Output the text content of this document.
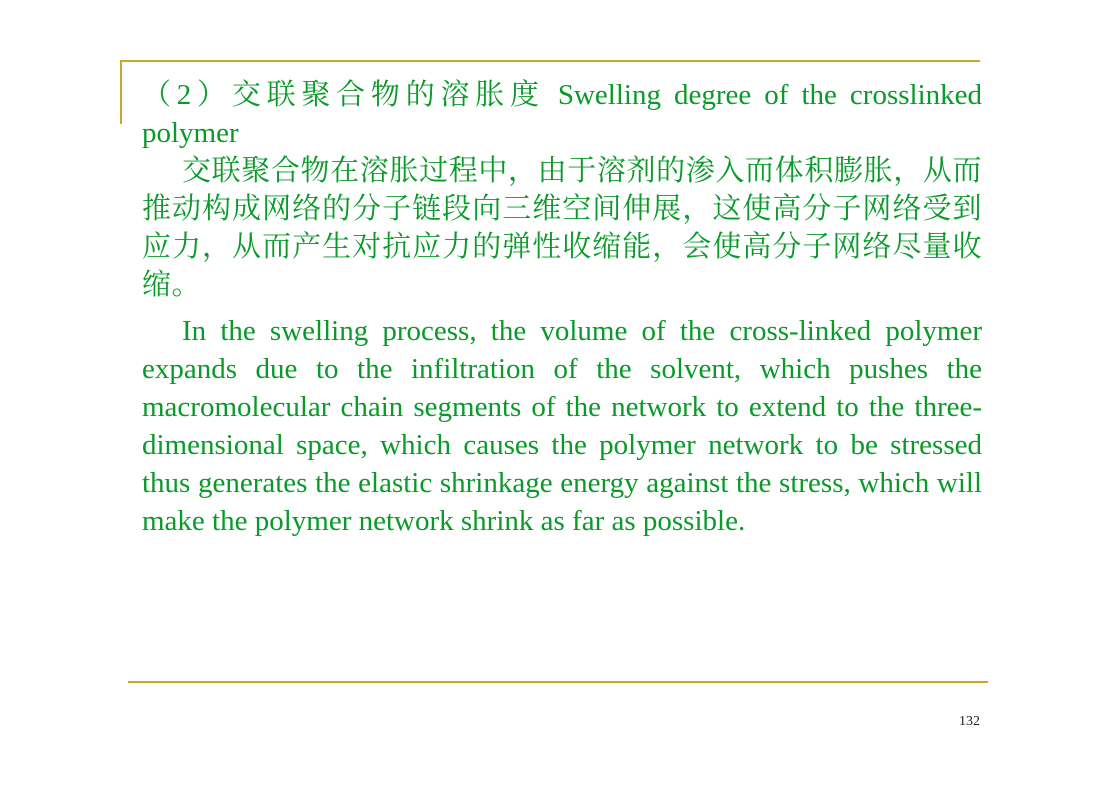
（2）交联聚合物的溶胀度 Swelling degree of the crosslinked polymer

交联聚合物在溶胀过程中，由于溶剂的渗入而体积膨胀，从而推动构成网络的分子链段向三维空间伸展，这使高分子网络受到应力，从而产生对抗应力的弹性收缩能，会使高分子网络尽量收缩。

In the swelling process, the volume of the cross-linked polymer expands due to the infiltration of the solvent, which pushes the macromolecular chain segments of the network to extend to the three-dimensional space, which causes the polymer network to be stressed thus generates the elastic shrinkage energy against the stress, which will make the polymer network shrink as far as possible.

132
